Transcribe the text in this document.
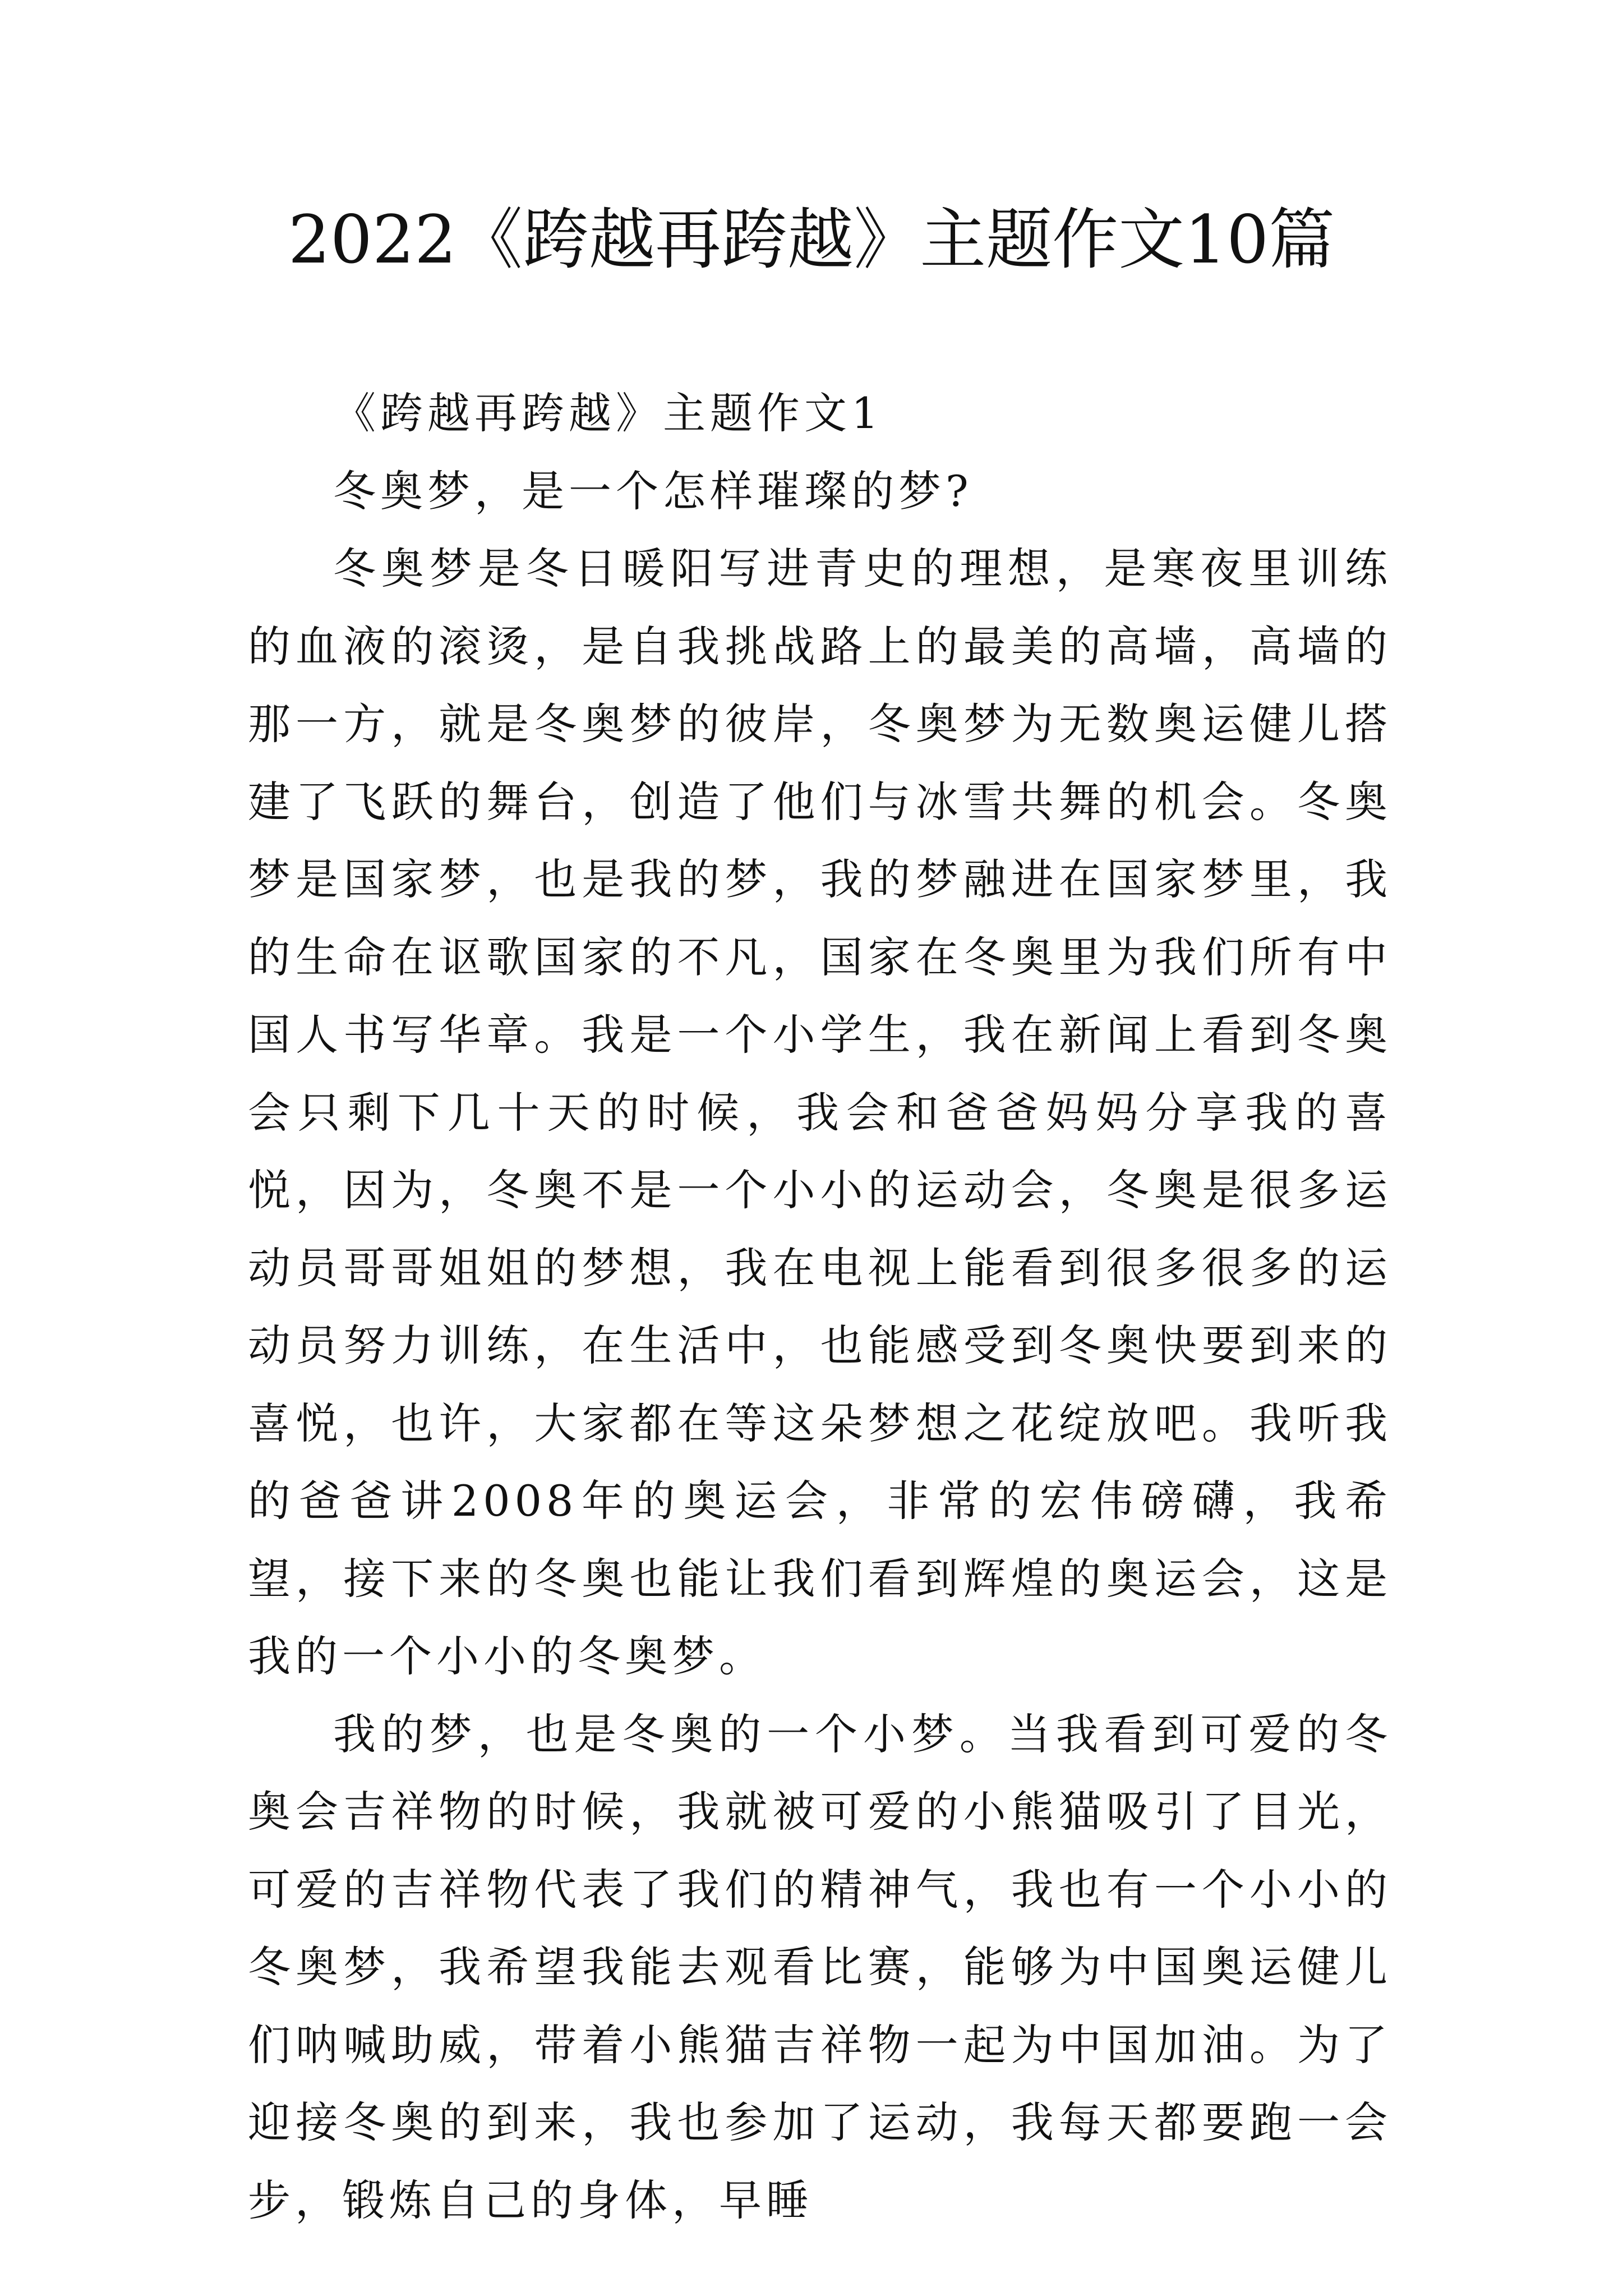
2022《跨越再跨越》主题作文10篇

《跨越再跨越》主题作文1

冬奥梦，是一个怎样璀璨的梦?

冬奥梦是冬日暖阳写进青史的理想，是寒夜里训练的血液的滚烫，是自我挑战路上的最美的高墙，高墙的那一方，就是冬奥梦的彼岸，冬奥梦为无数奥运健儿搭建了飞跃的舞台，创造了他们与冰雪共舞的机会。冬奥梦是国家梦，也是我的梦，我的梦融进在国家梦里，我的生命在讴歌国家的不凡，国家在冬奥里为我们所有中国人书写华章。我是一个小学生，我在新闻上看到冬奥会只剩下几十天的时候，我会和爸爸妈妈分享我的喜悦，因为，冬奥不是一个小小的运动会，冬奥是很多运动员哥哥姐姐的梦想，我在电视上能看到很多很多的运动员努力训练，在生活中，也能感受到冬奥快要到来的喜悦，也许，大家都在等这朵梦想之花绽放吧。我听我的爸爸讲2008年的奥运会，非常的宏伟磅礴，我希望，接下来的冬奥也能让我们看到辉煌的奥运会，这是我的一个小小的冬奥梦。

我的梦，也是冬奥的一个小梦。当我看到可爱的冬奥会吉祥物的时候，我就被可爱的小熊猫吸引了目光，可爱的吉祥物代表了我们的精神气，我也有一个小小的冬奥梦，我希望我能去观看比赛，能够为中国奥运健儿们呐喊助威，带着小熊猫吉祥物一起为中国加油。为了迎接冬奥的到来，我也参加了运动，我每天都要跑一会步，锻炼自己的身体，早睡
